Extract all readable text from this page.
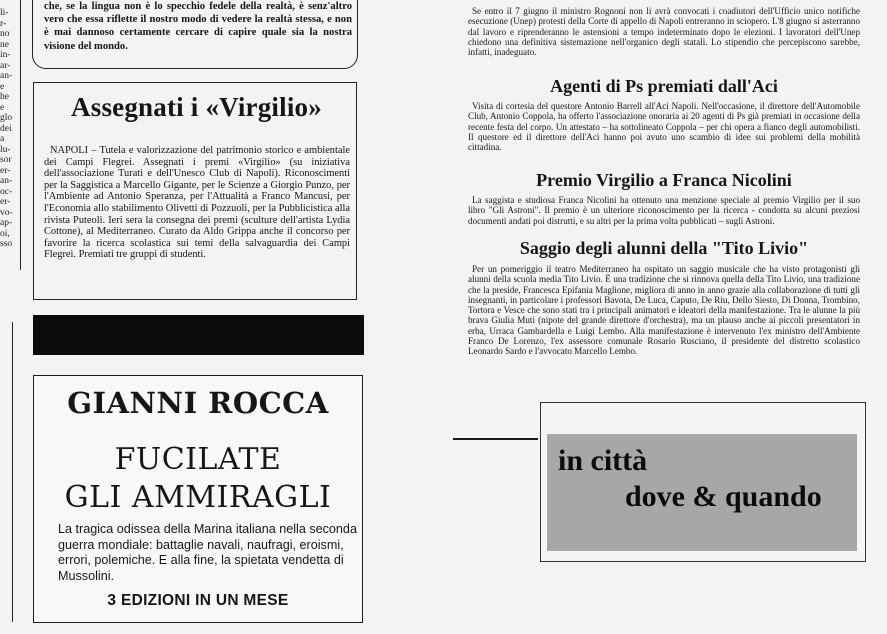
li-
r-
no
ne
in-
ar-
an-
e
he
e
glo
dei
a
lu-
sor
er-
an-
oc-
er-
vo-
ap-
oi,
sso
che, se la lingua non è lo specchio fedele della realtà, è senz'altro vero che essa riflette il nostro modo di vedere la realtà stessa, e non è mai dannoso certamente cercare di capire quale sia la nostra visione del mondo.
Assegnati i «Virgilio»
NAPOLI – Tutela e valorizzazione del patrimonio storico e ambientale dei Campi Flegrei. Assegnati i premi «Virgilio» (su iniziativa dell'associazione Turati e dell'Unesco Club di Napoli). Riconoscimenti per la Saggistica a Marcello Gigante, per le Scienze a Giorgio Punzo, per l'Ambiente ad Antonio Speranza, per l'Attualità a Franco Mancusi, per l'Economia allo stabilimento Olivetti di Pozzuoli, per la Pubblicistica alla rivista Puteoli. Ieri sera la consegna dei premi (sculture dell'artista Lydia Cottone), al Mediterraneo. Curato da Aldo Grippa anche il concorso per favorire la ricerca scolastica sui temi della salvaguardia dei Campi Flegrei. Premiati tre gruppi di studenti.
GIANNI ROCCA
FUCILATE
GLI AMMIRAGLI
La tragica odissea della Marina italiana nella seconda guerra mondiale: battaglie navali, naufragi, eroismi, errori, polemiche. E alla fine, la spietata vendetta di Mussolini.
3 EDIZIONI IN UN MESE
Se entro il 7 giugno il ministro Rognoni non li avrà convocati i coadiutori dell'Ufficio unico notifiche esecuzione (Unep) protesti della Corte di appello di Napoli entreranno in sciopero. L'8 giugno si asterranno dal lavoro e riprenderanno le astensioni a tempo indeterminato dopo le elezioni. I lavoratori dell'Unep chiedono una definitiva sistemazione nell'organico degli statali. Lo stipendio che percepiscono sarebbe, infatti, inadeguato.
Agenti di Ps premiati dall'Aci
Visita di cortesia del questore Antonio Barrell all'Aci Napoli. Nell'occasione, il direttore dell'Automobile Club, Antonio Coppola, ha offerto l'associazione onoraria ai 20 agenti di Ps già premiati in occasione della recente festa del corpo. Un attestato – ha sottolineato Coppola – per chi opera a fianco degli automobilisti. Il questore ed il direttore dell'Aci hanno poi avuto uno scambio di idee sui problemi della mobilità cittadina.
Premio Virgilio a Franca Nicolini
La saggista e studiosa Franca Nicolini ha ottenuto una menzione speciale al premio Virgilio per il suo libro "Gli Astroni". Il premio è un ulteriore riconoscimento per la ricerca - condotta su alcuni preziosi documenti andati poi distrutti, e su altri per la prima volta pubblicati – sugli Astroni.
Saggio degli alunni della "Tito Livio"
Per un pomeriggio il teatro Mediterraneo ha ospitato un saggio musicale che ha visto protagonisti gli alunni della scuola media Tito Livio. È una tradizione che si rinnova quella della Tito Livio, una tradizione che la preside, Francesca Epifania Maglione, migliora di anno in anno grazie alla collaborazione di tutti gli insegnanti, in particolare i professori Bavota, De Luca, Caputo, De Riu, Dello Siesto, Di Donna, Trombino, Tortora e Vesce che sono stati tra i principali animatori e ideatori della manifestazione. Tra le alunne la più brava Giulia Muti (nipote del grande direttore d'orchestra), ma un plauso anche ai piccoli presentatori in erba, Urraca Gambardella e Luigi Lembo. Alla manifestazione è intervenuto l'ex ministro dell'Ambiente Franco De Lorenzo, l'ex assessore comunale Rosario Rusciano, il presidente del distretto scolastico Leonardo Sardo e l'avvocato Marcello Lembo.
in città
dove & quando
